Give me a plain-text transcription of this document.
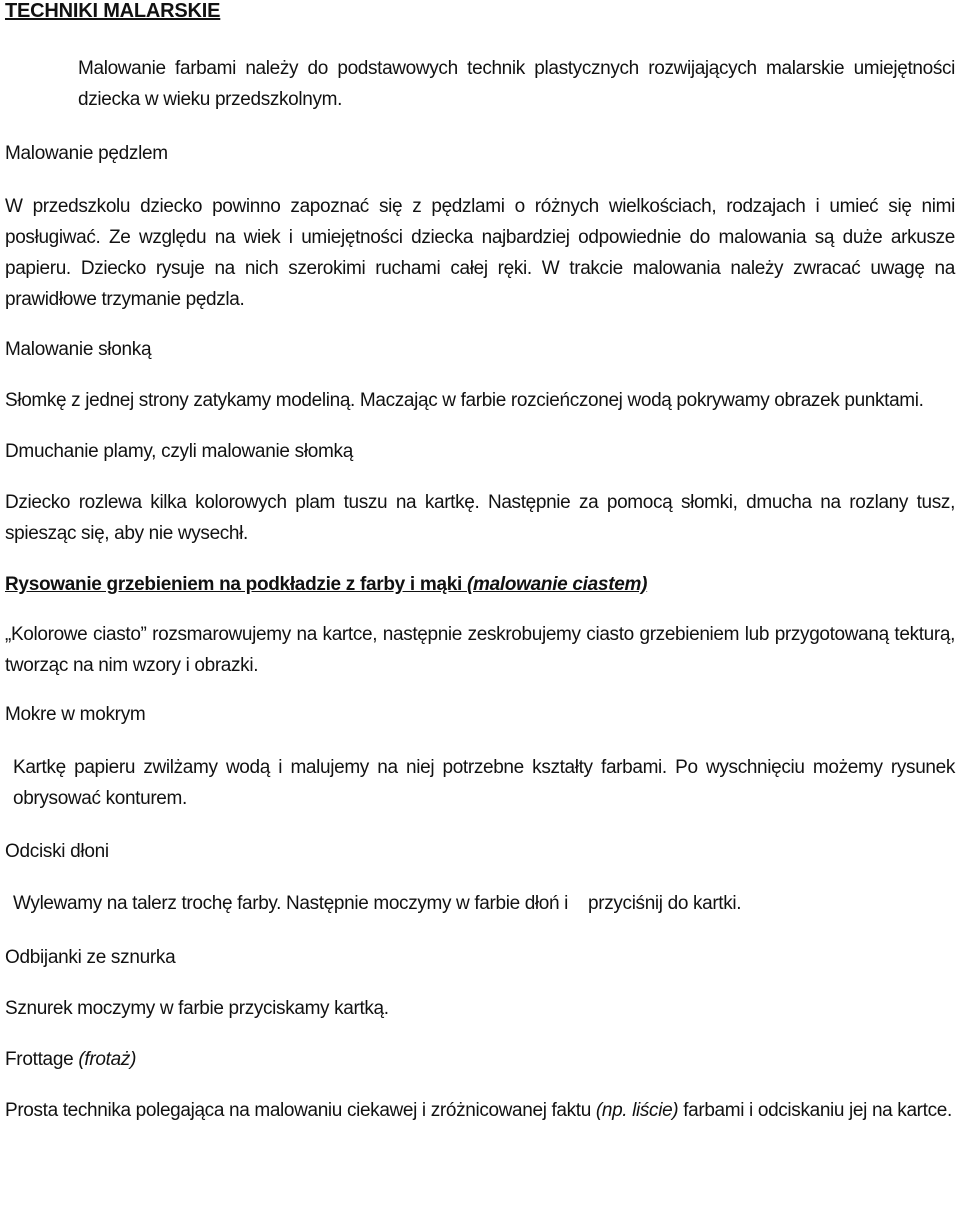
TECHNIKI MALARSKIE

Malowanie farbami należy do podstawowych technik plastycznych rozwijających malarskie umiejętności dziecka w wieku przedszkolnym.

Malowanie pędzlem

W przedszkolu dziecko powinno zapoznać się z pędzlami o różnych wielkościach, rodzajach i umieć się nimi posługiwać. Ze względu na wiek i umiejętności dziecka najbardziej odpowiednie do malowania są duże arkusze papieru. Dziecko rysuje na nich szerokimi ruchami całej ręki. W trakcie malowania należy zwracać uwagę na prawidłowe trzymanie pędzla.

Malowanie słonką

Słomkę z jednej strony zatykamy modeliną. Maczając w farbie rozcieńczonej wodą pokrywamy obrazek punktami.

Dmuchanie plamy, czyli malowanie słomką

Dziecko rozlewa kilka kolorowych plam tuszu na kartkę. Następnie za pomocą słomki, dmucha na rozlany tusz, spiesząc się, aby nie wysechł.

Rysowanie grzebieniem na podkładzie z farby i mąki (malowanie ciastem)

„Kolorowe ciasto” rozsmarowujemy na kartce, następnie zeskrobujemy ciasto grzebieniem lub przygotowaną tekturą, tworząc na nim wzory i obrazki.

Mokre w mokrym

Kartkę papieru zwilżamy wodą i malujemy na niej potrzebne kształty farbami. Po wyschnięciu możemy rysunek obrysować konturem.

Odciski dłoni

Wylewamy na talerz trochę farby. Następnie moczymy w farbie dłoń i przyciśnij do kartki.

Odbijanki ze sznurka

Sznurek moczymy w farbie przyciskamy kartką.

Frottage (frotaż)

Prosta technika polegająca na malowaniu ciekawej i zróżnicowanej faktu (np. liście) farbami i odciskaniu jej na kartce.
